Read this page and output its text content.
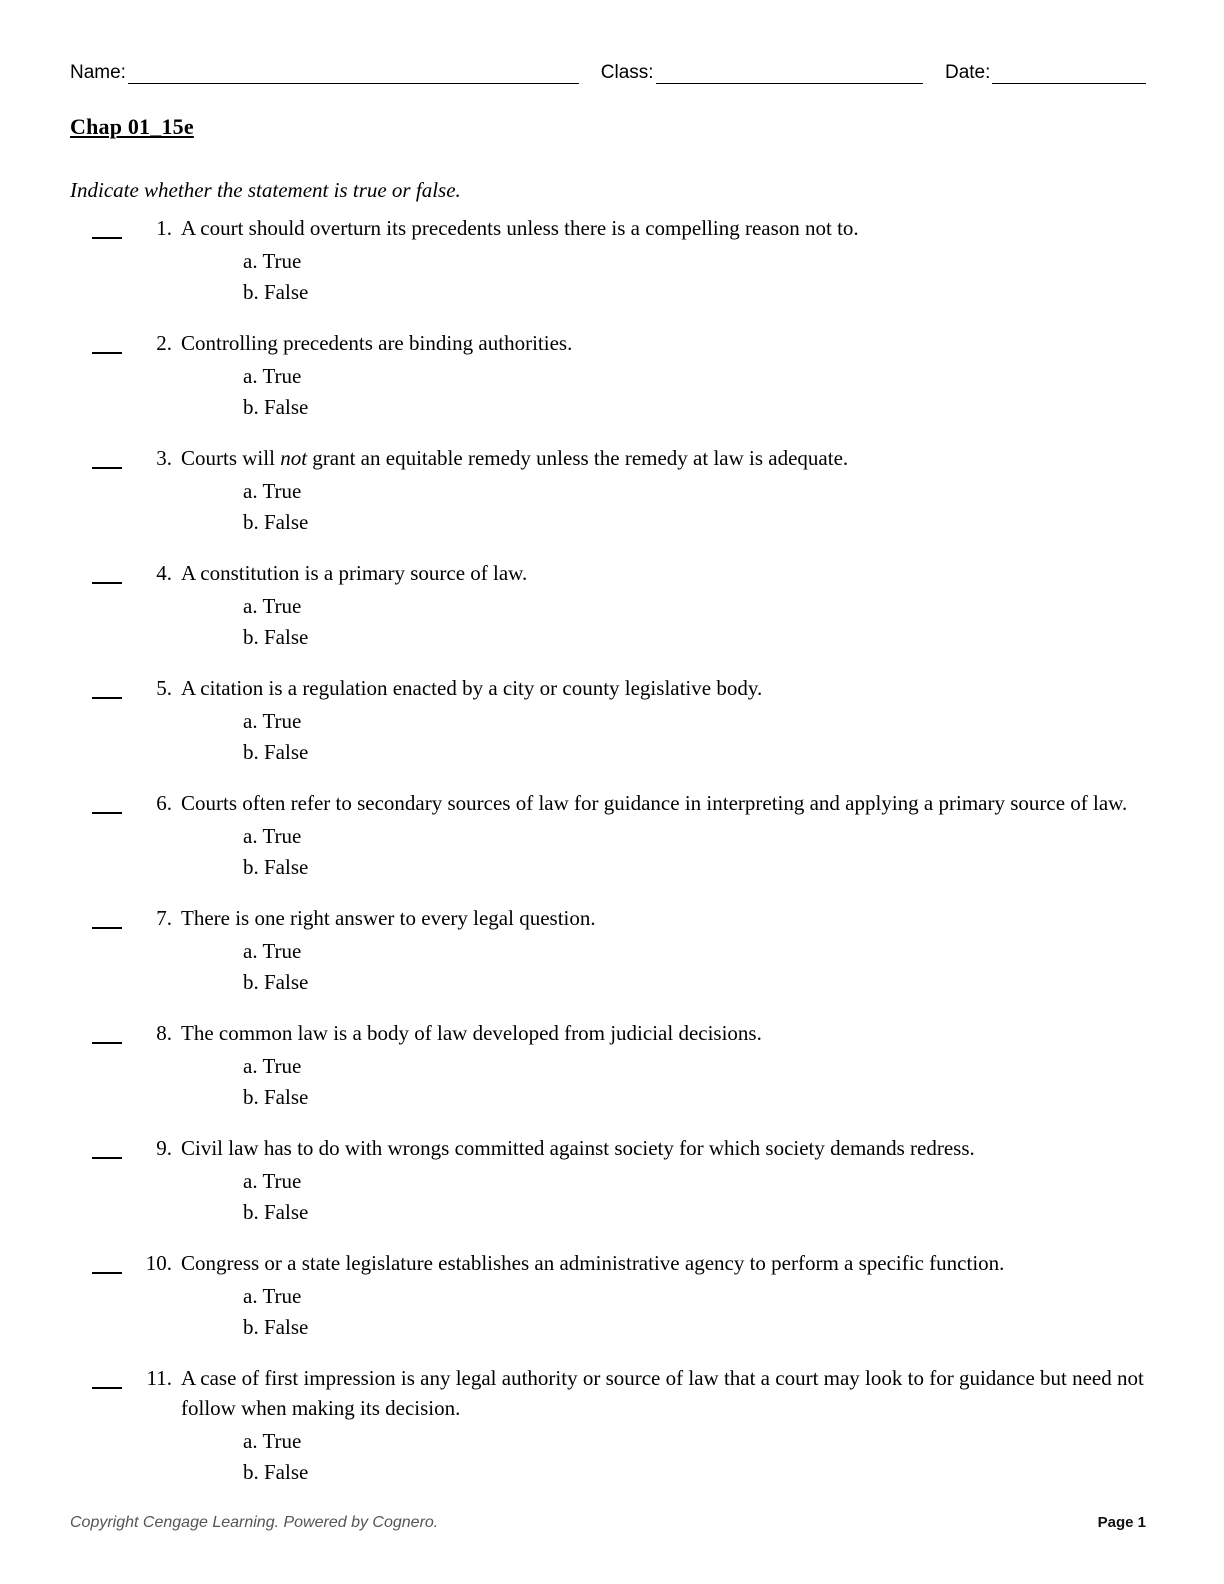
Name:	Class:	Date:
Chap 01_15e
Indicate whether the statement is true or false.
1. A court should overturn its precedents unless there is a compelling reason not to.
a. True
b. False
2. Controlling precedents are binding authorities.
a. True
b. False
3. Courts will not grant an equitable remedy unless the remedy at law is adequate.
a. True
b. False
4. A constitution is a primary source of law.
a. True
b. False
5. A citation is a regulation enacted by a city or county legislative body.
a. True
b. False
6. Courts often refer to secondary sources of law for guidance in interpreting and applying a primary source of law.
a. True
b. False
7. There is one right answer to every legal question.
a. True
b. False
8. The common law is a body of law developed from judicial decisions.
a. True
b. False
9. Civil law has to do with wrongs committed against society for which society demands redress.
a. True
b. False
10. Congress or a state legislature establishes an administrative agency to perform a specific function.
a. True
b. False
11. A case of first impression is any legal authority or source of law that a court may look to for guidance but need not follow when making its decision.
a. True
b. False
Copyright Cengage Learning. Powered by Cognero.	Page 1
